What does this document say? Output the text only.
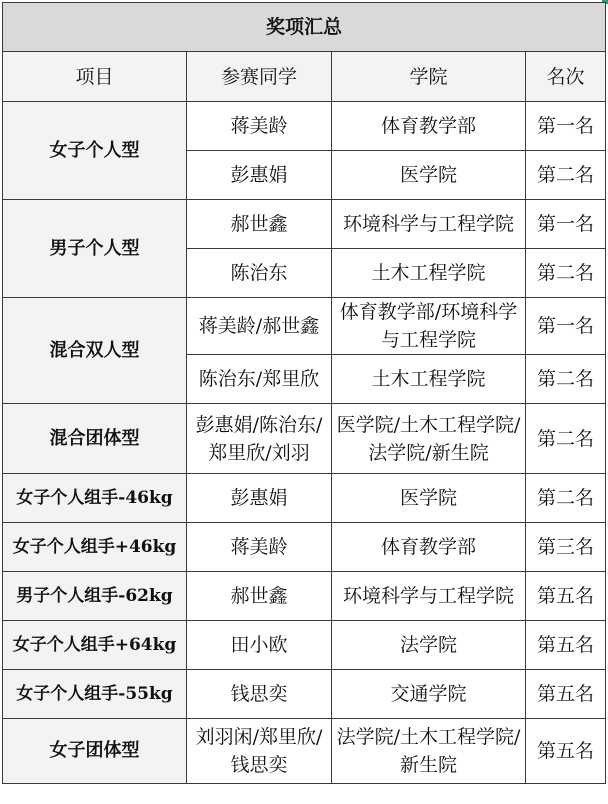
奖项汇总			
项目	参赛同学	学院	名次
女子个人型	蒋美龄	体育教学部	第一名
	彭惠娟	医学院	第二名
男子个人型	郝世鑫	环境科学与工程学院	第一名
	陈治东	土木工程学院	第二名
混合双人型	蒋美龄/郝世鑫	体育教学部/环境科学与工程学院	第一名
	陈治东/郑里欣	土木工程学院	第二名
混合团体型	彭惠娟/陈治东/郑里欣/刘羽	医学院/土木工程学院/法学院/新生院	第二名
女子个人组手-46kg	彭惠娟	医学院	第二名
女子个人组手+46kg	蒋美龄	体育教学部	第三名
男子个人组手-62kg	郝世鑫	环境科学与工程学院	第五名
女子个人组手+64kg	田小欧	法学院	第五名
女子个人组手-55kg	钱思奕	交通学院	第五名
女子团体型	刘羽闲/郑里欣/钱思奕	法学院/土木工程学院/新生院	第五名
